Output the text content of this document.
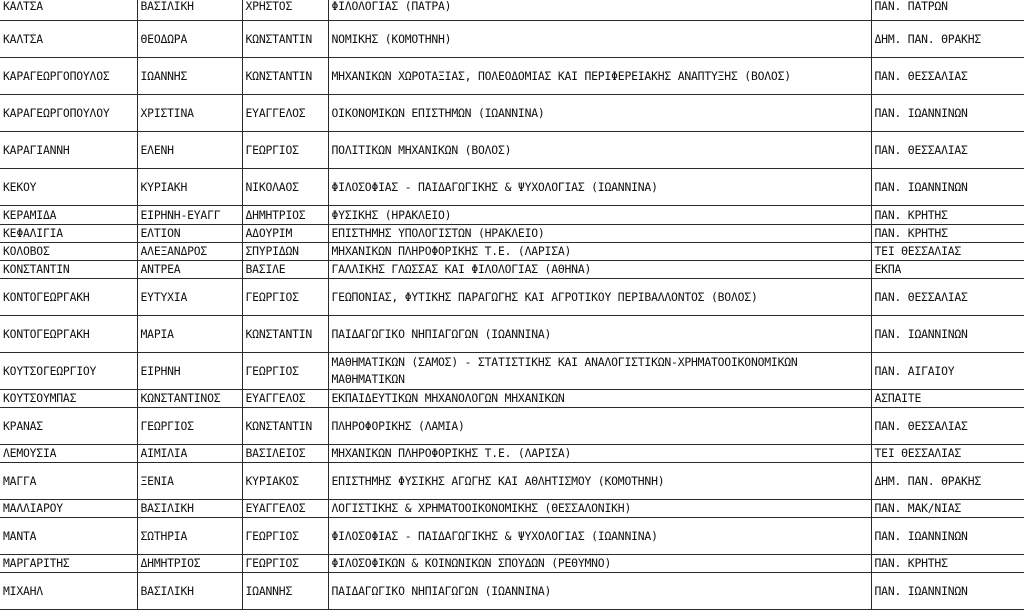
ΚΑΛΤΣΑ	ΒΑΣΙΛΙΚΗ	ΧΡΗΣΤΟΣ	ΦΙΛΟΛΟΓΙΑΣ (ΠΑΤΡΑ)	ΠΑΝ. ΠΑΤΡΩΝ
ΚΑΛΤΣΑ	ΘΕΟΔΩΡΑ	ΚΩΝΣΤΑΝΤΙΝ	ΝΟΜΙΚΗΣ (ΚΟΜΟΤΗΝΗ)	ΔΗΜ. ΠΑΝ. ΘΡΑΚΗΣ
ΚΑΡΑΓΕΩΡΓΟΠΟΥΛΟΣ	ΙΩΑΝΝΗΣ	ΚΩΝΣΤΑΝΤΙΝ	ΜΗΧΑΝΙΚΩΝ ΧΩΡΟΤΑΞΙΑΣ, ΠΟΛΕΟΔΟΜΙΑΣ ΚΑΙ ΠΕΡΙΦΕΡΕΙΑΚΗΣ ΑΝΑΠΤΥΞΗΣ (ΒΟΛΟΣ)	ΠΑΝ. ΘΕΣΣΑΛΙΑΣ
ΚΑΡΑΓΕΩΡΓΟΠΟΥΛΟΥ	ΧΡΙΣΤΙΝΑ	ΕΥΑΓΓΕΛΟΣ	ΟΙΚΟΝΟΜΙΚΩΝ ΕΠΙΣΤΗΜΩΝ (ΙΩΑΝΝΙΝΑ)	ΠΑΝ. ΙΩΑΝΝΙΝΩΝ
ΚΑΡΑΓΙΑΝΝΗ	ΕΛΕΝΗ	ΓΕΩΡΓΙΟΣ	ΠΟΛΙΤΙΚΩΝ ΜΗΧΑΝΙΚΩΝ (ΒΟΛΟΣ)	ΠΑΝ. ΘΕΣΣΑΛΙΑΣ
ΚΕΚΟΥ	ΚΥΡΙΑΚΗ	ΝΙΚΟΛΑΟΣ	ΦΙΛΟΣΟΦΙΑΣ - ΠΑΙΔΑΓΩΓΙΚΗΣ & ΨΥΧΟΛΟΓΙΑΣ (ΙΩΑΝΝΙΝΑ)	ΠΑΝ. ΙΩΑΝΝΙΝΩΝ
ΚΕΡΑΜΙΔΑ	ΕΙΡΗΝΗ-ΕΥΑΓΓ	ΔΗΜΗΤΡΙΟΣ	ΦΥΣΙΚΗΣ (ΗΡΑΚΛΕΙΟ)	ΠΑΝ. ΚΡΗΤΗΣ
ΚΕΦΑΛΙΓΙΑ	ΕΛΤΙΟΝ	ΑΔΟΥΡΙΜ	ΕΠΙΣΤΗΜΗΣ ΥΠΟΛΟΓΙΣΤΩΝ (ΗΡΑΚΛΕΙΟ)	ΠΑΝ. ΚΡΗΤΗΣ
ΚΟΛΟΒΟΣ	ΑΛΕΞΑΝΔΡΟΣ	ΣΠΥΡΙΔΩΝ	ΜΗΧΑΝΙΚΩΝ ΠΛΗΡΟΦΟΡΙΚΗΣ Τ.Ε. (ΛΑΡΙΣΑ)	ΤΕΙ ΘΕΣΣΑΛΙΑΣ
ΚΟΝΣΤΑΝΤΙΝ	ΑΝΤΡΕΑ	ΒΑΣΙΛΕ	ΓΑΛΛΙΚΗΣ ΓΛΩΣΣΑΣ ΚΑΙ ΦΙΛΟΛΟΓΙΑΣ (ΑΘΗΝΑ)	ΕΚΠΑ
ΚΟΝΤΟΓΕΩΡΓΑΚΗ	ΕΥΤΥΧΙΑ	ΓΕΩΡΓΙΟΣ	ΓΕΩΠΟΝΙΑΣ, ΦΥΤΙΚΗΣ ΠΑΡΑΓΩΓΗΣ ΚΑΙ ΑΓΡΟΤΙΚΟΥ ΠΕΡΙΒΑΛΛΟΝΤΟΣ (ΒΟΛΟΣ)	ΠΑΝ. ΘΕΣΣΑΛΙΑΣ
ΚΟΝΤΟΓΕΩΡΓΑΚΗ	ΜΑΡΙΑ	ΚΩΝΣΤΑΝΤΙΝ	ΠΑΙΔΑΓΩΓΙΚΟ ΝΗΠΙΑΓΩΓΩΝ (ΙΩΑΝΝΙΝΑ)	ΠΑΝ. ΙΩΑΝΝΙΝΩΝ
ΚΟΥΤΣΟΓΕΩΡΓΙΟΥ	ΕΙΡΗΝΗ	ΓΕΩΡΓΙΟΣ	ΜΑΘΗΜΑΤΙΚΩΝ (ΣΑΜΟΣ) - ΣΤΑΤΙΣΤΙΚΗΣ ΚΑΙ ΑΝΑΛΟΓΙΣΤΙΚΩΝ-ΧΡΗΜΑΤΟΟΙΚΟΝΟΜΙΚΩΝ ΜΑΘΗΜΑΤΙΚΩΝ	ΠΑΝ. ΑΙΓΑΙΟΥ
ΚΟΥΤΣΟΥΜΠΑΣ	ΚΩΝΣΤΑΝΤΙΝΟΣ	ΕΥΑΓΓΕΛΟΣ	ΕΚΠΑΙΔΕΥΤΙΚΩΝ ΜΗΧΑΝΟΛΟΓΩΝ ΜΗΧΑΝΙΚΩΝ	ΑΣΠΑΙΤΕ
ΚΡΑΝΑΣ	ΓΕΩΡΓΙΟΣ	ΚΩΝΣΤΑΝΤΙΝ	ΠΛΗΡΟΦΟΡΙΚΗΣ (ΛΑΜΙΑ)	ΠΑΝ. ΘΕΣΣΑΛΙΑΣ
ΛΕΜΟΥΣΙΑ	ΑΙΜΙΛΙΑ	ΒΑΣΙΛΕΙΟΣ	ΜΗΧΑΝΙΚΩΝ ΠΛΗΡΟΦΟΡΙΚΗΣ Τ.Ε. (ΛΑΡΙΣΑ)	ΤΕΙ ΘΕΣΣΑΛΙΑΣ
ΜΑΓΓΑ	ΞΕΝΙΑ	ΚΥΡΙΑΚΟΣ	ΕΠΙΣΤΗΜΗΣ ΦΥΣΙΚΗΣ ΑΓΩΓΗΣ ΚΑΙ ΑΘΛΗΤΙΣΜΟΥ (ΚΟΜΟΤΗΝΗ)	ΔΗΜ. ΠΑΝ. ΘΡΑΚΗΣ
ΜΑΛΛΙΑΡΟΥ	ΒΑΣΙΛΙΚΗ	ΕΥΑΓΓΕΛΟΣ	ΛΟΓΙΣΤΙΚΗΣ & ΧΡΗΜΑΤΟΟΙΚΟΝΟΜΙΚΗΣ (ΘΕΣΣΑΛΟΝΙΚΗ)	ΠΑΝ. ΜΑΚ/ΝΙΑΣ
ΜΑΝΤΑ	ΣΩΤΗΡΙΑ	ΓΕΩΡΓΙΟΣ	ΦΙΛΟΣΟΦΙΑΣ - ΠΑΙΔΑΓΩΓΙΚΗΣ & ΨΥΧΟΛΟΓΙΑΣ (ΙΩΑΝΝΙΝΑ)	ΠΑΝ. ΙΩΑΝΝΙΝΩΝ
ΜΑΡΓΑΡΙΤΗΣ	ΔΗΜΗΤΡΙΟΣ	ΓΕΩΡΓΙΟΣ	ΦΙΛΟΣΟΦΙΚΩΝ & ΚΟΙΝΩΝΙΚΩΝ ΣΠΟΥΔΩΝ (ΡΕΘΥΜΝΟ)	ΠΑΝ. ΚΡΗΤΗΣ
ΜΙΧΑΗΛ	ΒΑΣΙΛΙΚΗ	ΙΩΑΝΝΗΣ	ΠΑΙΔΑΓΩΓΙΚΟ ΝΗΠΙΑΓΩΓΩΝ (ΙΩΑΝΝΙΝΑ)	ΠΑΝ. ΙΩΑΝΝΙΝΩΝ
